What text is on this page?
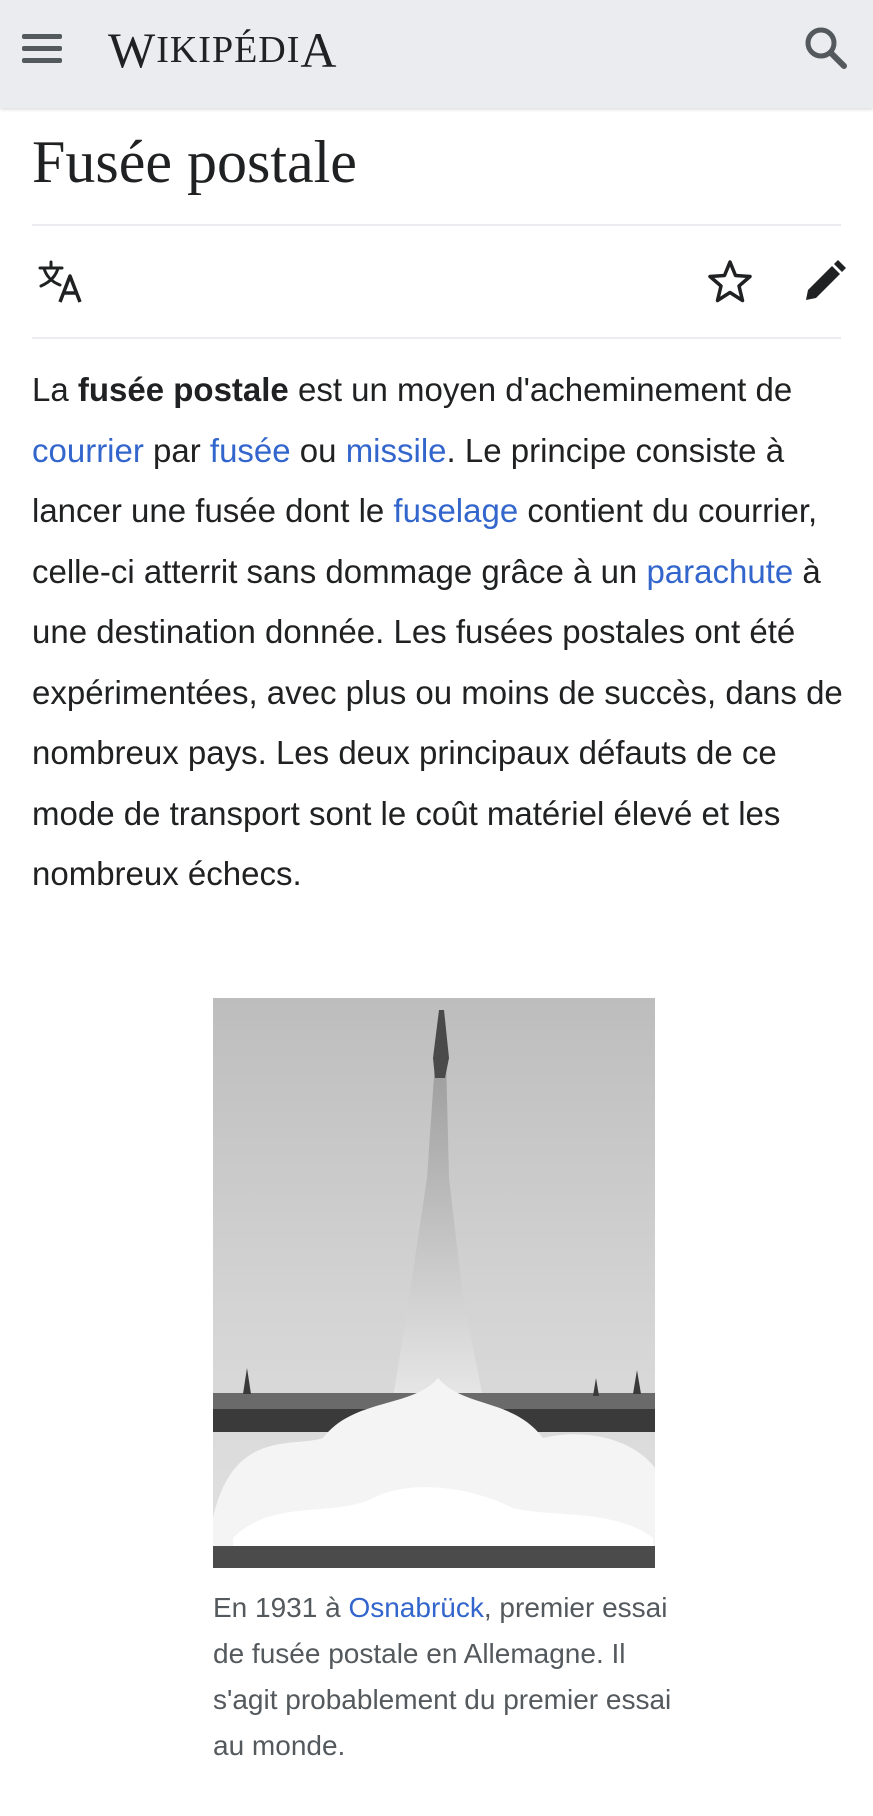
W IKIPÉDI A
Fusée postale

La fusée postale est un moyen d'acheminement de courrier par fusée ou missile. Le principe consiste à lancer une fusée dont le fuselage contient du courrier, celle-ci atterrit sans dommage grâce à un parachute à une destination donnée. Les fusées postales ont été expérimentées, avec plus ou moins de succès, dans de nombreux pays. Les deux principaux défauts de ce mode de transport sont le coût matériel élevé et les nombreux échecs.

En 1931 à Osnabrück, premier essai de fusée postale en Allemagne. Il s'agit probablement du premier essai au monde.
